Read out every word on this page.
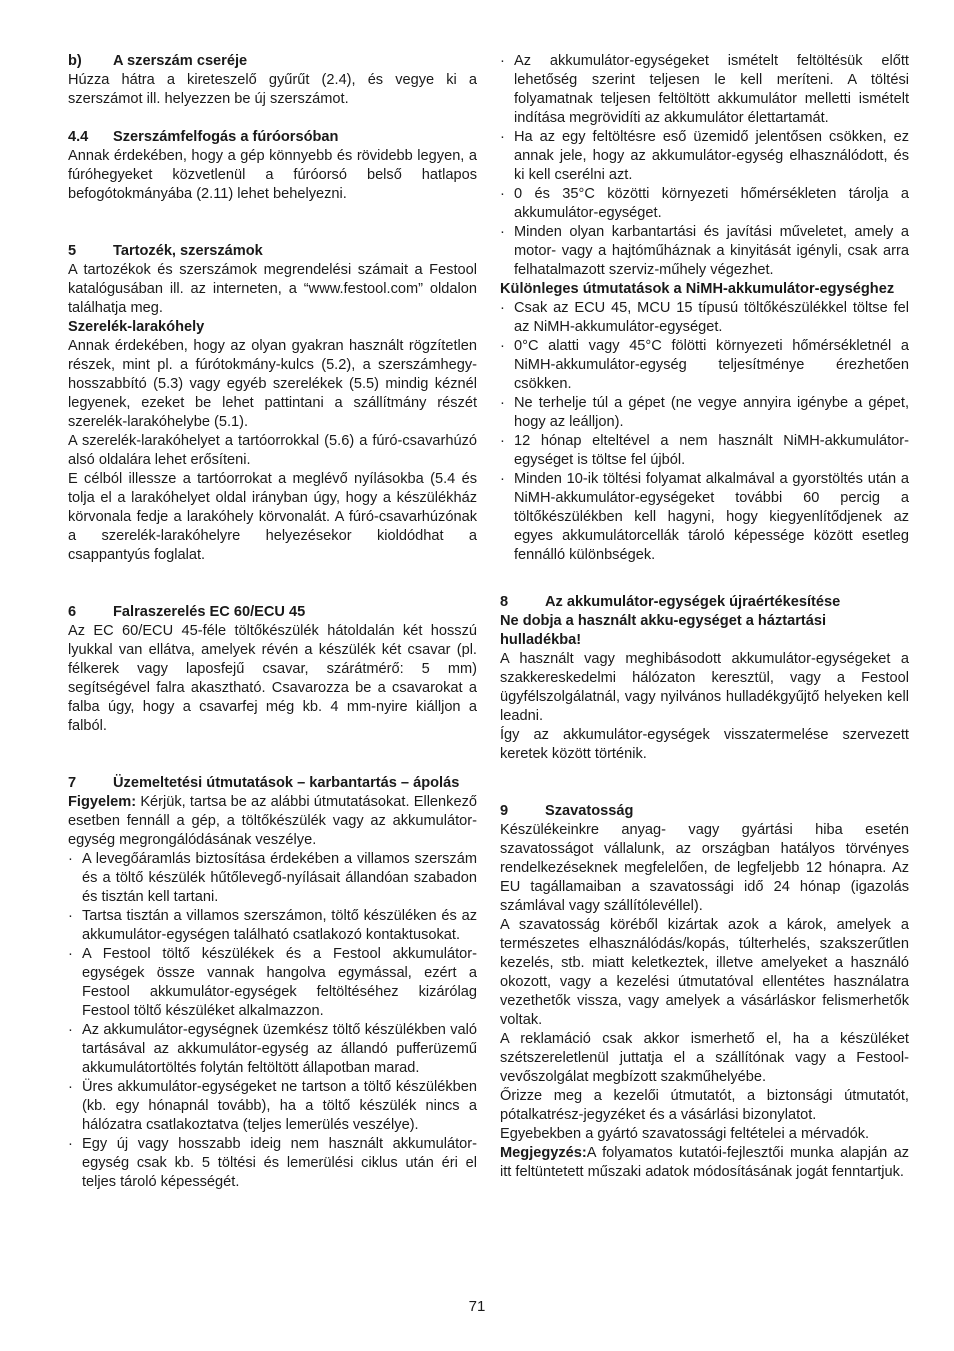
b)	A szerszám cseréje

Húzza hátra a kireteszelő gyűrűt (2.4), és vegye ki a szerszámot ill. helyezzen be új szerszámot.

4.4	Szerszámfelfogás a fúróorsóban

Annak érdekében, hogy a gép könnyebb és rövidebb legyen, a fúróhegyeket közvetlenül a fúróorsó belső hatlapos befogótokmányába (2.11) lehet behelyezni.

5	Tartozék, szerszámok

A tartozékok és szerszámok megrendelési számait a Festool katalógusában ill. az interneten, a “www.festool.com” oldalon találhatja meg.

Szerelék-larakóhely

Annak érdekében, hogy az olyan gyakran használt rögzítetlen részek, mint pl. a fúrótokmány-kulcs (5.2), a szerszámhegy-hosszabbító (5.3) vagy egyéb szerelékek (5.5) mindig kéznél legyenek, ezeket be lehet pattintani a szállítmány részét szerelék-larakóhelybe (5.1).

A szerelék-larakóhelyet a tartóorrokkal (5.6) a fúró-csavarhúzó alsó oldalára lehet erősíteni.

E célból illessze a tartóorrokat a meglévő nyílásokba (5.4 és tolja el a larakóhelyet oldal irányban úgy, hogy a készülékház körvonala fedje a larakóhely körvonalát. A fúró-csavarhúzónak a szerelék-larakóhelyre helyezésekor kioldódhat a csappantyús foglalat.

6	Falraszerelés EC 60/ECU 45

Az EC 60/ECU 45-féle töltőkészülék hátoldalán két hosszú lyukkal van ellátva, amelyek révén a készülék két csavar (pl. félkerek vagy laposfejű csavar, szárátmérő: 5 mm) segítségével falra akasztható. Csavarozza be a csavarokat a falba úgy, hogy a csavarfej még kb. 4 mm-nyire kiálljon a falból.

7	Üzemeltetési útmutatások – karbantartás – ápolás

Figyelem: Kérjük, tartsa be az alábbi útmutatásokat. Ellenkező esetben fennáll a gép, a töltőkészülék vagy az akkumulátor-egység megrongálódásának veszélye.

· A levegőáramlás biztosítása érdekében a villamos szerszám és a töltő készülék hűtőlevegő-nyílásait állandóan szabadon és tisztán kell tartani.
· Tartsa tisztán a villamos szerszámon, töltő készüléken és az akkumulátor-egységen található csatlakozó kontaktusokat.
· A Festool töltő készülékek és a Festool akkumulátor-egységek össze vannak hangolva egymással, ezért a Festool akkumulátor-egységek feltöltéséhez kizárólag Festool töltő készüléket alkalmazzon.
· Az akkumulátor-egységnek üzemkész töltő készülékben való tartásával az akkumulátor-egység az állandó pufferüzemű akkumulátortöltés folytán feltöltött állapotban marad.
· Üres akkumulátor-egységeket ne tartson a töltő készülékben (kb. egy hónapnál tovább), ha a töltő készülék nincs a hálózatra csatlakoztatva (teljes lemerülés veszélye).
· Egy új vagy hosszabb ideig nem használt akkumulátor-egység csak kb. 5 töltési és lemerülési ciklus után éri el teljes tároló képességét.
· Az akkumulátor-egységeket ismételt feltöltésük előtt lehetőség szerint teljesen le kell meríteni. A töltési folyamatnak teljesen feltöltött akkumulátor melletti ismételt indítása megrövidíti az akkumulátor élettartamát.
· Ha az egy feltöltésre eső üzemidő jelentősen csökken, ez annak jele, hogy az akkumulátor-egység elhasználódott, és ki kell cserélni azt.
· 0 és 35°C közötti környezeti hőmérsékleten tárolja a akkumulátor-egységet.
· Minden olyan karbantartási és javítási műveletet, amely a motor- vagy a hajtóműháznak a kinyitását igényli, csak arra felhatalmazott szerviz-műhely végezhet.
Különleges útmutatások a NiMH-akkumulátor-egységhez
· Csak az ECU 45, MCU 15 típusú töltőkészülékkel töltse fel az NiMH-akkumulátor-egységet.
· 0°C alatti vagy 45°C fölötti környezeti hőmérsékletnél a NiMH-akkumulátor-egység teljesítménye érezhetően csökken.
· Ne terhelje túl a gépet (ne vegye annyira igénybe a gépet, hogy az leálljon).
· 12 hónap elteltével a nem használt NiMH-akkumulátor-egységet is töltse fel újból.
· Minden 10-ik töltési folyamat alkalmával a gyorstöltés után a NiMH-akkumulátor-egységeket további 60 percig a töltőkészülékben kell hagyni, hogy kiegyenlítődjenek az egyes akkumulátorcellák tároló képessége között esetleg fennálló különbségek.
8	Az akkumulátor-egységek újraértékesítése
Ne dobja a használt akku-egységet a háztartási hulladékba!

A használt vagy meghibásodott akkumulátor-egységeket a szakkereskedelmi hálózaton keresztül, vagy a Festool ügyfélszolgálatnál, vagy nyilvános hulladékgyűjtő helyeken kell leadni.

Így az akkumulátor-egységek visszatermelése szervezett keretek között történik.

9	Szavatosság

Készülékeinkre anyag- vagy gyártási hiba esetén szavatosságot vállalunk, az országban hatályos törvényes rendelkezéseknek megfelelően, de legfeljebb 12 hónapra. Az EU tagállamaiban a szavatossági idő 24 hónap (igazolás számlával vagy szállítólevéllel).

A szavatosság köréből kizártak azok a károk, amelyek a természetes elhasználódás/kopás, túlterhelés, szakszerűtlen kezelés, stb. miatt keletkeztek, illetve amelyeket a használó okozott, vagy a kezelési útmutatóval ellentétes használatra vezethetők vissza, vagy amelyek a vásárláskor felismerhetők voltak.

A reklamáció csak akkor ismerhető el, ha a készüléket szétszereletlenül juttatja el a szállítónak vagy a Festool-vevőszolgálat megbízott szakműhelyébe.

Őrizze meg a kezelői útmutatót, a biztonsági útmutatót, pótalkatrész-jegyzéket és a vásárlási bizonylatot.

Egyebekben a gyártó szavatossági feltételei a mérvadók.

Megjegyzés:A folyamatos kutatói-fejlesztői munka alapján az itt feltüntetett műszaki adatok módosításának jogát fenntartjuk.

71
